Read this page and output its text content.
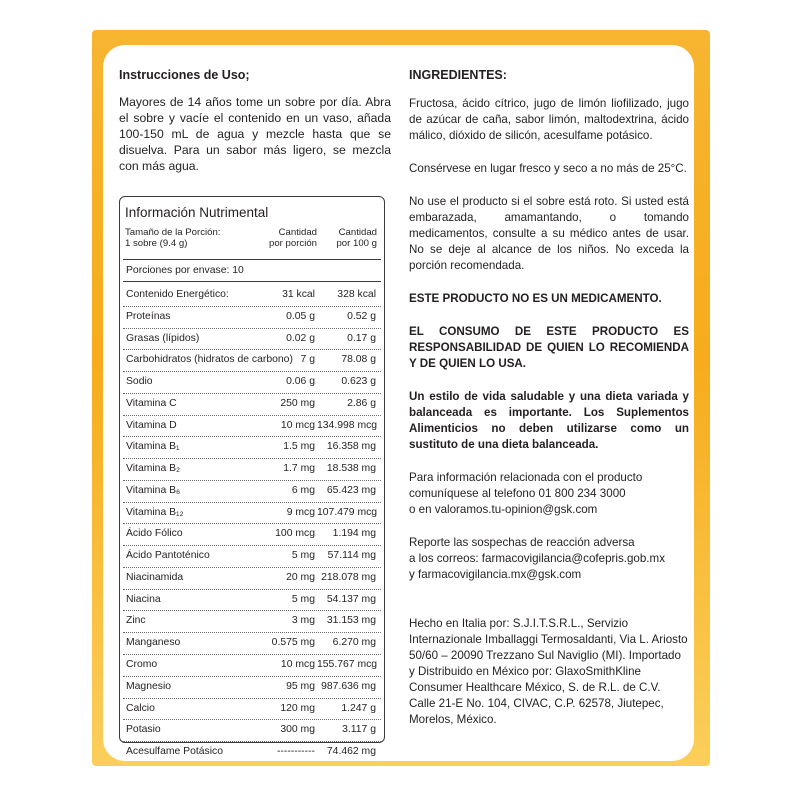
Instrucciones de Uso;

Mayores de 14 años tome un sobre por día. Abra el sobre y vacíe el contenido en un vaso, añada 100-150 mL de agua y mezcle hasta que se disuelva. Para un sabor más ligero, se mezcla con más agua.

Información Nutrimental
Tamaño de la Porción:
1 sobre (9.4 g)
Cantidad
por porción
Cantidad
por 100 g
Porciones por envase: 10
Contenido Energético:	31 kcal	328 kcal
Proteínas	0.05 g	0.52 g
Grasas (lípidos)	0.02 g	0.17 g
Carbohidratos (hidratos de carbono) 7 g	78.08 g
Sodio	0.06 g	0.623 g
Vitamina C	250 mg	2.86 g
Vitamina D	10 mcg 134.998 mcg
Vitamina B₁	1.5 mg	16.358 mg
Vitamina B₂	1.7 mg	18.538 mg
Vitamina B₆	6 mg	65.423 mg
Vitamina B₁₂	9 mcg 107.479 mcg
Ácido Fólico	100 mcg	1.194 mg
Ácido Pantoténico	5 mg	57.114 mg
Niacinamida	20 mg 218.078 mg
Niacina	5 mg	54.137 mg
Zinc	3 mg	31.153 mg
Manganeso	0.575 mg	6.270 mg
Cromo	10 mcg 155.767 mcg
Magnesio	95 mg 987.636 mg
Calcio	120 mg	1.247 g
Potasio	300 mg	3.117 g
Acesulfame Potásico	-----------	74.462 mg

INGREDIENTES:

Fructosa, ácido cítrico, jugo de limón liofilizado, jugo de azúcar de caña, sabor limón, maltodextrina, ácido málico, dióxido de silicón, acesulfame potásico.

Consérvese en lugar fresco y seco a no más de 25°C.

No use el producto si el sobre está roto. Si usted está embarazada, amamantando, o tomando medicamentos, consulte a su médico antes de usar. No se deje al alcance de los niños. No exceda la porción recomendada.

ESTE PRODUCTO NO ES UN MEDICAMENTO.

EL CONSUMO DE ESTE PRODUCTO ES RESPONSABILIDAD DE QUIEN LO RECOMIENDA Y DE QUIEN LO USA.

Un estilo de vida saludable y una dieta variada y balanceada es importante. Los Suplementos Alimenticios no deben utilizarse como un sustituto de una dieta balanceada.

Para información relacionada con el producto
comuníquese al telefono 01 800 234 3000
o en valoramos.tu-opinion@gsk.com

Reporte las sospechas de reacción adversa
a los correos: farmacovigilancia@cofepris.gob.mx
y farmacovigilancia.mx@gsk.com

Hecho en Italia por: S.J.I.T.S.R.L., Servizio Internazionale Imballaggi Termosaldanti, Via L. Ariosto 50/60 – 20090 Trezzano Sul Naviglio (MI). Importado y Distribuido en México por: GlaxoSmithKline Consumer Healthcare México, S. de R.L. de C.V. Calle 21-E No. 104, CIVAC, C.P. 62578, Jiutepec, Morelos, México.
